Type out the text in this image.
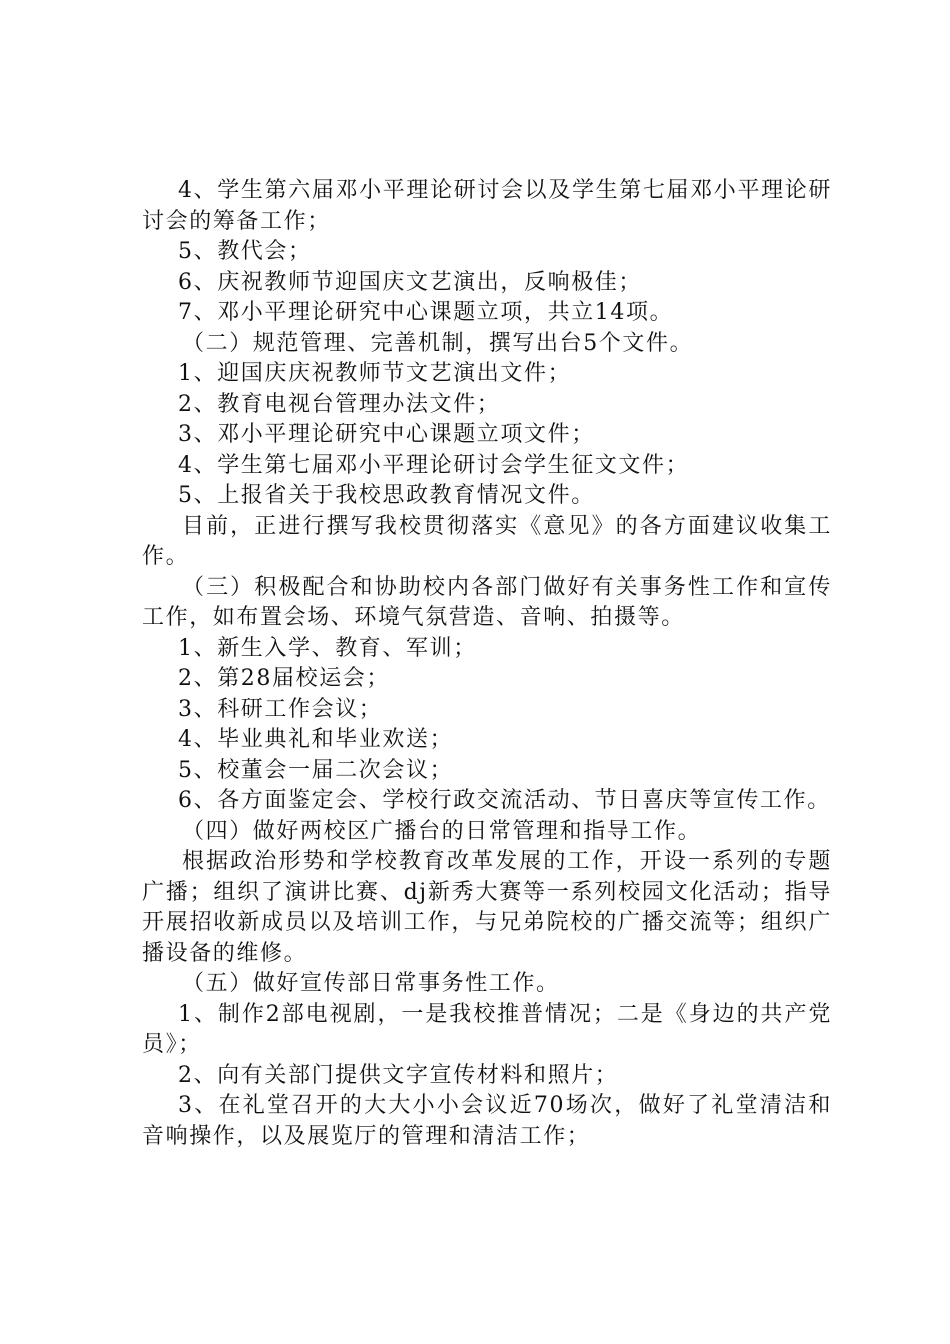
4、学生第六届邓小平理论研讨会以及学生第七届邓小平理论研讨会的筹备工作；

5、教代会；

6、庆祝教师节迎国庆文艺演出，反响极佳；

7、邓小平理论研究中心课题立项，共立14项。

（二）规范管理、完善机制，撰写出台5个文件。

1、迎国庆庆祝教师节文艺演出文件；

2、教育电视台管理办法文件；

3、邓小平理论研究中心课题立项文件；

4、学生第七届邓小平理论研讨会学生征文文件；

5、上报省关于我校思政教育情况文件。

目前，正进行撰写我校贯彻落实《意见》的各方面建议收集工作。

（三）积极配合和协助校内各部门做好有关事务性工作和宣传工作，如布置会场、环境气氛营造、音响、拍摄等。

1、新生入学、教育、军训；

2、第28届校运会；

3、科研工作会议；

4、毕业典礼和毕业欢送；

5、校董会一届二次会议；

6、各方面鉴定会、学校行政交流活动、节日喜庆等宣传工作。

（四）做好两校区广播台的日常管理和指导工作。

根据政治形势和学校教育改革发展的工作，开设一系列的专题广播；组织了演讲比赛、dj新秀大赛等一系列校园文化活动；指导开展招收新成员以及培训工作，与兄弟院校的广播交流等；组织广播设备的维修。

（五）做好宣传部日常事务性工作。

1、制作2部电视剧，一是我校推普情况；二是《身边的共产党员》；

2、向有关部门提供文字宣传材料和照片；

3、在礼堂召开的大大小小会议近70场次，做好了礼堂清洁和音响操作，以及展览厅的管理和清洁工作；
